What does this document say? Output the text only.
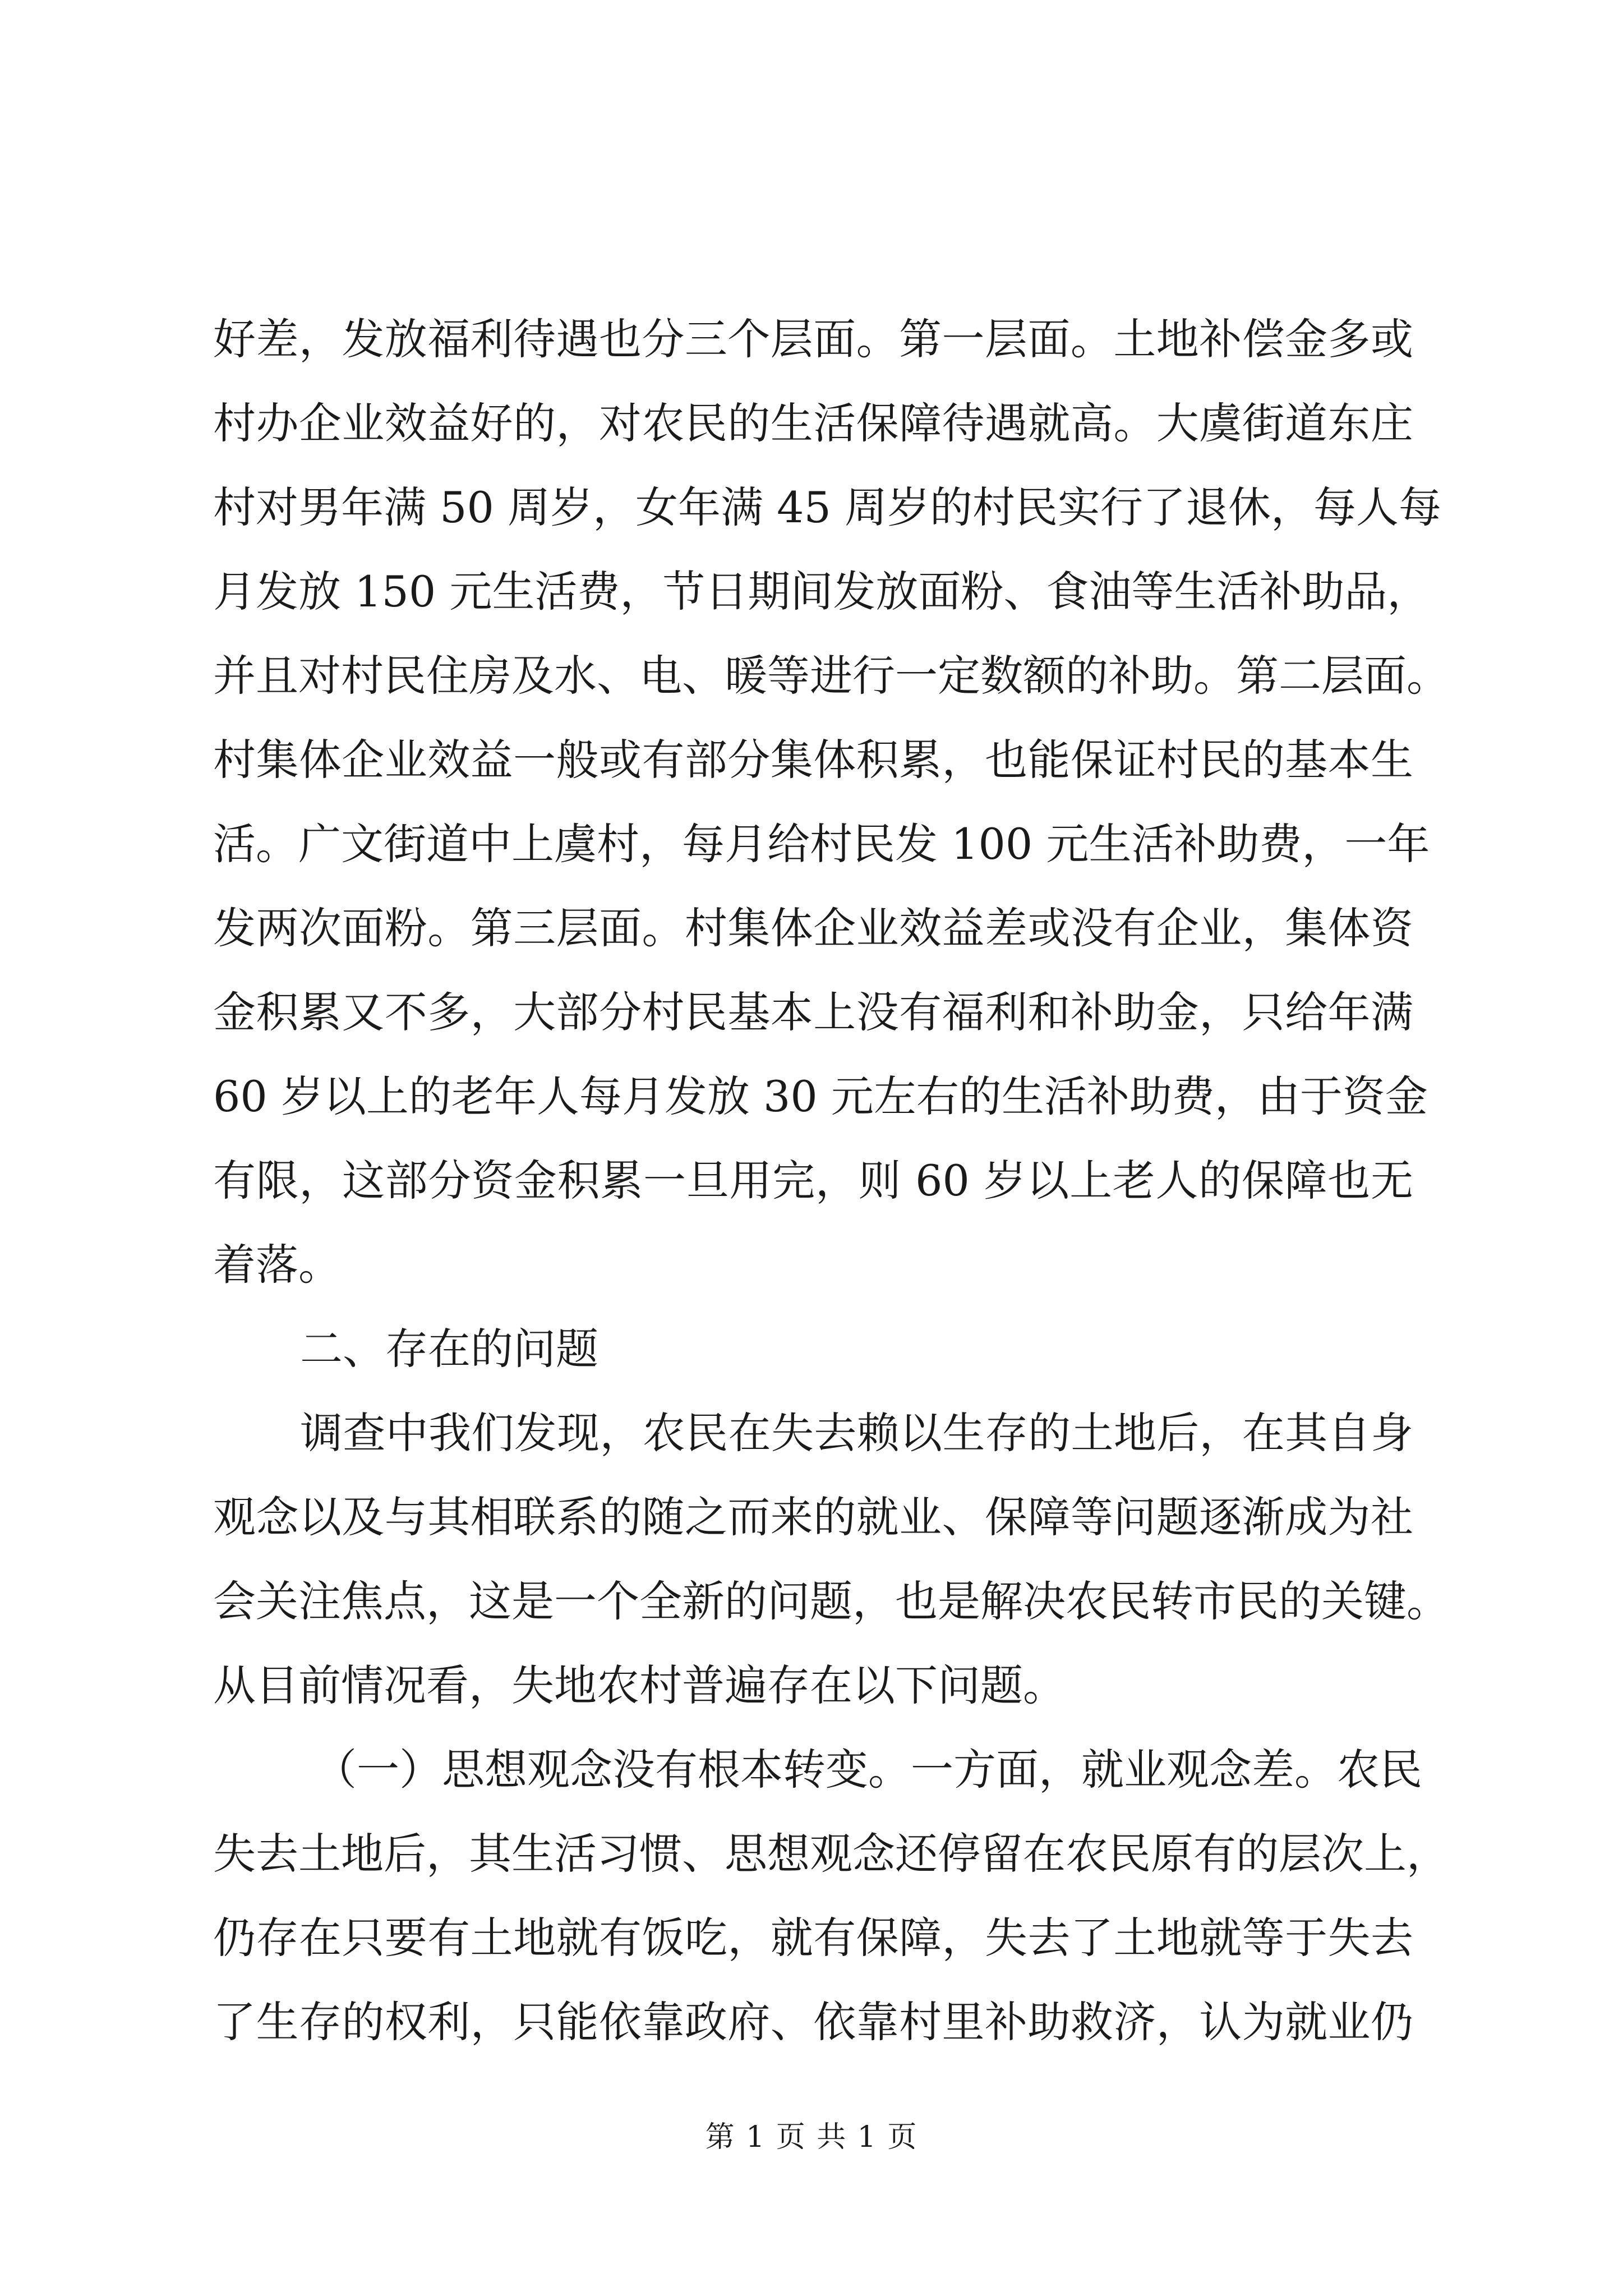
好差，发放福利待遇也分三个层面。第一层面。土地补偿金多或
村办企业效益好的，对农民的生活保障待遇就高。大虞街道东庄
村对男年满 50 周岁，女年满 45 周岁的村民实行了退休，每人每
月发放 150 元生活费，节日期间发放面粉、食油等生活补助品，
并且对村民住房及水、电、暖等进行一定数额的补助。第二层面。
村集体企业效益一般或有部分集体积累，也能保证村民的基本生
活。广文街道中上虞村，每月给村民发 100 元生活补助费，一年
发两次面粉。第三层面。村集体企业效益差或没有企业，集体资
金积累又不多，大部分村民基本上没有福利和补助金，只给年满
60 岁以上的老年人每月发放 30 元左右的生活补助费，由于资金
有限，这部分资金积累一旦用完，则 60 岁以上老人的保障也无
着落。
二、存在的问题
调查中我们发现，农民在失去赖以生存的土地后，在其自身
观念以及与其相联系的随之而来的就业、保障等问题逐渐成为社
会关注焦点，这是一个全新的问题，也是解决农民转市民的关键。
从目前情况看，失地农村普遍存在以下问题。
（一）思想观念没有根本转变。一方面，就业观念差。农民
失去土地后，其生活习惯、思想观念还停留在农民原有的层次上，
仍存在只要有土地就有饭吃，就有保障，失去了土地就等于失去
了生存的权利，只能依靠政府、依靠村里补助救济，认为就业仍
第 1 页 共 1 页
